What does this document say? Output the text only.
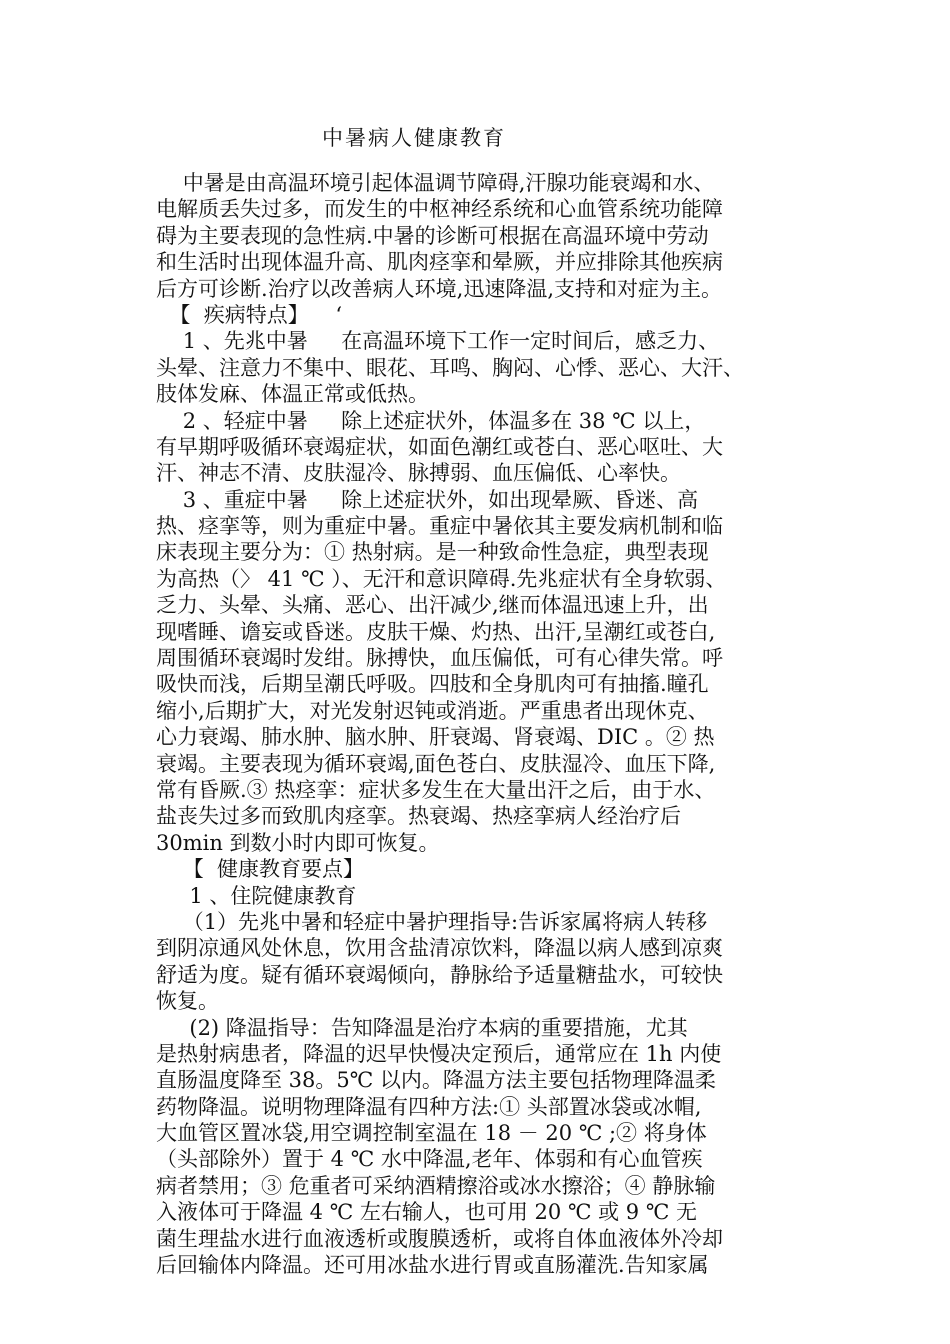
中暑病人健康教育
中暑是由高温环境引起体温调节障碍,汗腺功能衰竭和水、
电解质丢失过多，而发生的中枢神经系统和心血管系统功能障
碍为主要表现的急性病.中暑的诊断可根据在高温环境中劳动
和生活时出现体温升高、肌肉痉挛和晕厥，并应排除其他疾病
后方可诊断.治疗以改善病人环境,迅速降温,支持和对症为主。
【  疾病特点】    ‘
1 、先兆中暑     在高温环境下工作一定时间后，感乏力、
头晕、注意力不集中、眼花、耳鸣、胸闷、心悸、恶心、大汗、
肢体发麻、体温正常或低热。
2 、轻症中暑     除上述症状外，体温多在 38 ℃ 以上，
有早期呼吸循环衰竭症状，如面色潮红或苍白、恶心呕吐、大
汗、神志不清、皮肤湿冷、脉搏弱、血压偏低、心率快。
3 、重症中暑     除上述症状外，如出现晕厥、昏迷、高
热、痉挛等，则为重症中暑。重症中暑依其主要发病机制和临
床表现主要分为：① 热射病。是一种致命性急症，典型表现
为高热（〉 41 ℃ ）、无汗和意识障碍.先兆症状有全身软弱、
乏力、头晕、头痛、恶心、出汗减少,继而体温迅速上升，出
现嗜睡、谵妄或昏迷。皮肤干燥、灼热、出汗,呈潮红或苍白,
周围循环衰竭时发绀。脉搏快，血压偏低，可有心律失常。呼
吸快而浅，后期呈潮氏呼吸。四肢和全身肌肉可有抽搐.瞳孔
缩小,后期扩大，对光发射迟钝或消逝。严重患者出现休克、
心力衰竭、肺水肿、脑水肿、肝衰竭、肾衰竭、DIC 。② 热
衰竭。主要表现为循环衰竭,面色苍白、皮肤湿冷、血压下降,
常有昏厥.③ 热痉挛：症状多发生在大量出汗之后，由于水、
盐丧失过多而致肌肉痉挛。热衰竭、热痉挛病人经治疗后
30min 到数小时内即可恢复。
【  健康教育要点】
1 、住院健康教育
（1）先兆中暑和轻症中暑护理指导:告诉家属将病人转移
到阴凉通风处休息，饮用含盐清凉饮料，降温以病人感到凉爽
舒适为度。疑有循环衰竭倾向，静脉给予适量糖盐水，可较快
恢复。
(2) 降温指导：告知降温是治疗本病的重要措施，尤其
是热射病患者，降温的迟早快慢决定预后，通常应在 1h 内使
直肠温度降至 38。5℃ 以内。降温方法主要包括物理降温柔
药物降温。说明物理降温有四种方法:① 头部置冰袋或冰帽,
大血管区置冰袋,用空调控制室温在 18 － 20 ℃ ;② 将身体
（头部除外）置于 4 ℃ 水中降温,老年、体弱和有心血管疾
病者禁用；③ 危重者可采纳酒精擦浴或冰水擦浴；④ 静脉输
入液体可于降温 4 ℃ 左右输人，也可用 20 ℃ 或 9 ℃ 无
菌生理盐水进行血液透析或腹膜透析，或将自体血液体外冷却
后回输体内降温。还可用冰盐水进行胃或直肠灌洗.告知家属
